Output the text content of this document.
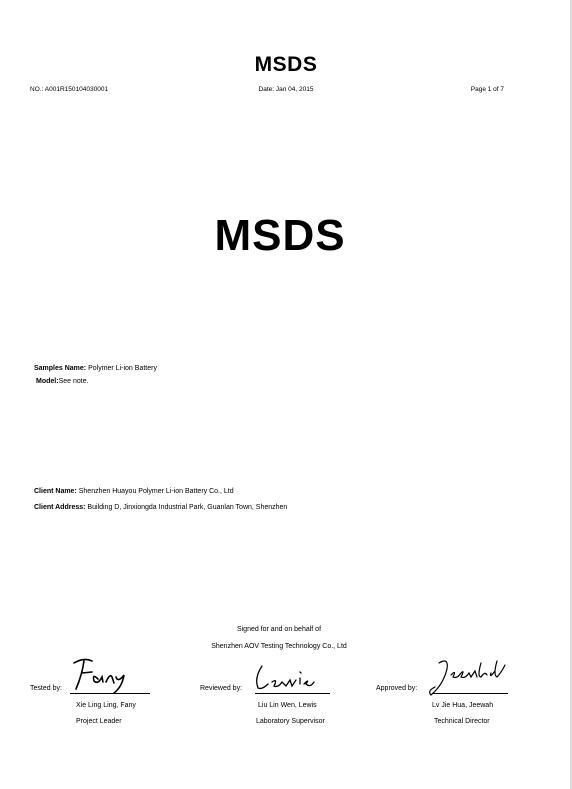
MSDS
NO.: A001R150104030001	Date: Jan 04, 2015	Page 1 of 7
MSDS
Samples Name: Polymer Li-ion Battery
Model:See note.
Client Name: Shenzhen Huayou Polymer Li-ion Battery Co., Ltd
Client Address: Building D, Jinxiongda Industrial Park, Guanlan Town, Shenzhen
Signed for and on behalf of
Shenzhen AOV Testing Technology Co., Ltd
Tested by:
Xie Ling Ling, Fany
Project Leader
Reviewed by:
Liu Lin Wen, Lewis
Laboratory Supervisor
Approved by:
Lv Jie Hua, Jeewah
Technical Director
